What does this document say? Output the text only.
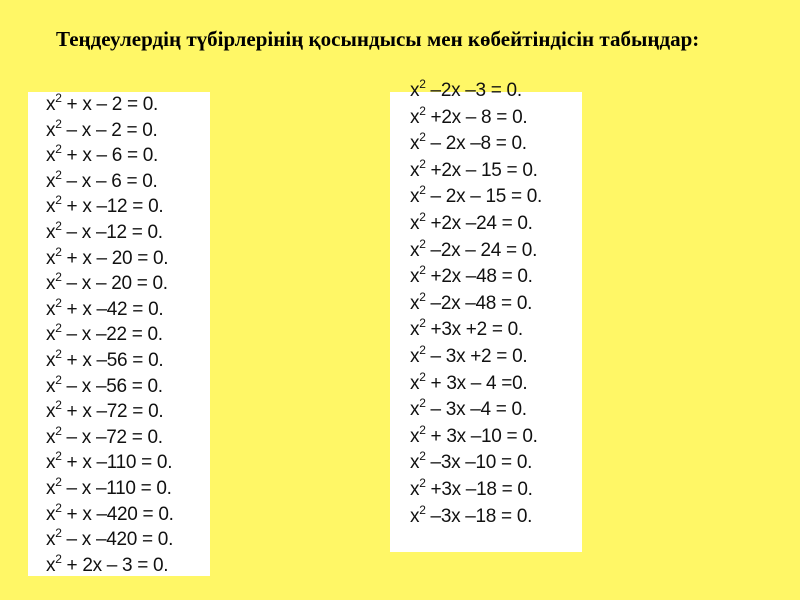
Теңдеулердің түбірлерінің қосындысы мен көбейтіндісін табыңдар:
$x^2 + x - 2 = 0$.
$x^2 - x - 2 = 0$.
$x^2 + x - 6 = 0$.
$x^2 - x - 6 = 0$.
$x^2 + x$ –12 = 0.
$x^2$ – x –12 = 0.
$x^2 + x - 20 = 0$.
$x^2 - x - 20 = 0$.
$x^2 + x$ –42 = 0.
$x^2$ – x –22 = 0.
$x^2 + x$ –56 = 0.
$x^2$ – x –56 = 0.
$x^2 + x$ –72 = 0.
$x^2$ – x –72 = 0.
$x^2 + x$ –110 = 0.
$x^2$ – x –110 = 0.
$x^2 + x$ –420 = 0.
$x^2$ – x –420 = 0.
$x^2 + 2x - 3 = 0$.
$x^2$ –2x –3 = 0.
$x^2 +2x - 8 = 0$.
$x^2 - 2x$ –8 = 0.
$x^2 +2x - 15 = 0$.
$x^2 - 2x - 15 = 0$.
$x^2 +2x$ –24 = 0.
$x^2$ –2x – 24 = 0.
$x^2 +2x$ –48 = 0.
$x^2$ –2x –48 = 0.
$x^2 +3x +2 = 0$.
$x^2 - 3x +2 = 0$.
$x^2 + 3x - 4 =0$.
$x^2 - 3x$ –4 = 0.
$x^2 + 3x$ –10 = 0.
$x^2$ –3x –10 = 0.
$x^2 +3x$ –18 = 0.
$x^2$ –3x –18 = 0.
